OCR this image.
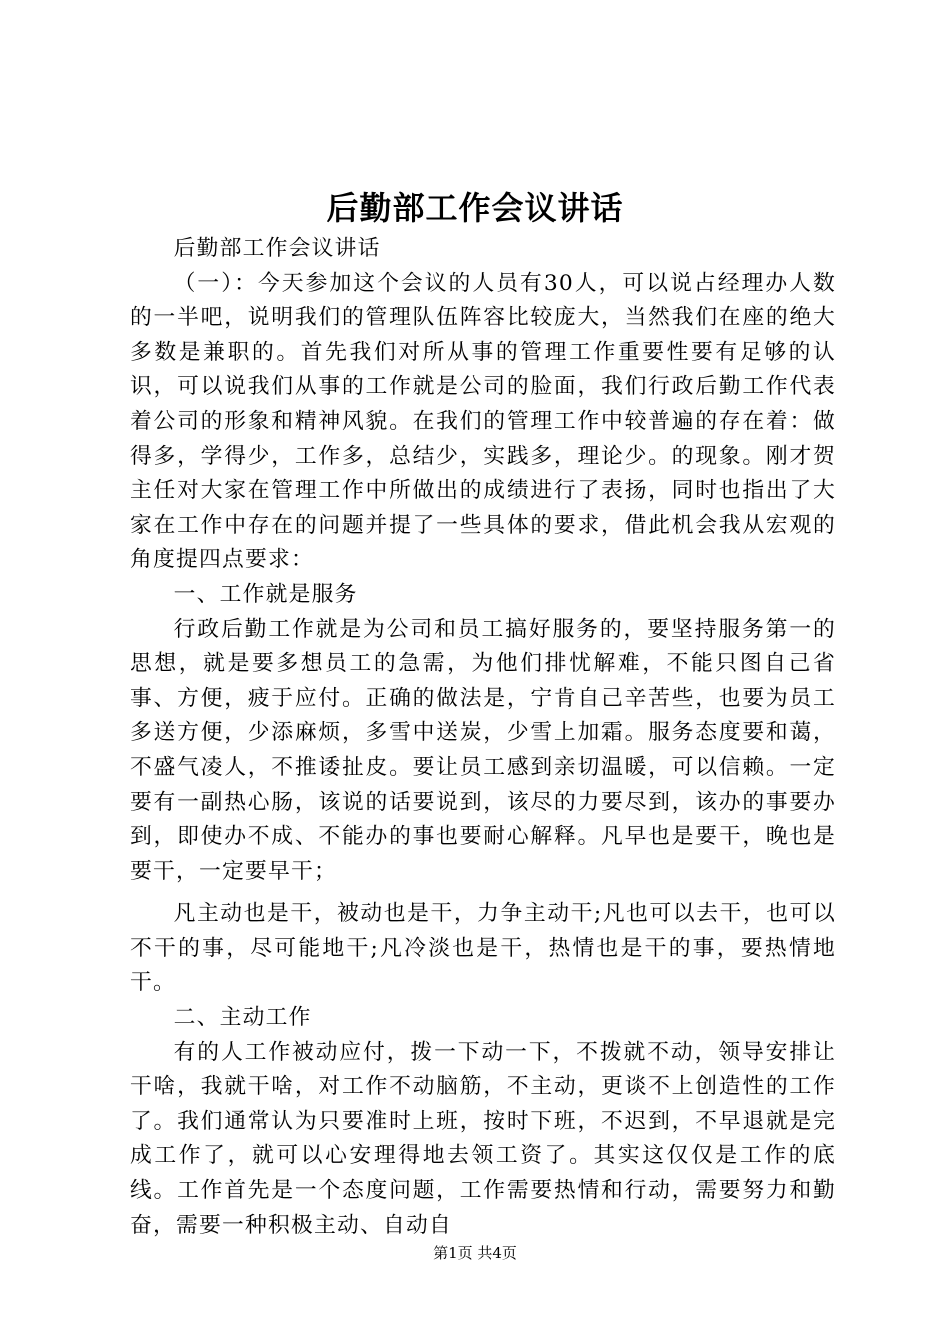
后勤部工作会议讲话

后勤部工作会议讲话

（一）：今天参加这个会议的人员有30人，可以说占经理办人数的一半吧，说明我们的管理队伍阵容比较庞大，当然我们在座的绝大多数是兼职的。首先我们对所从事的管理工作重要性要有足够的认识，可以说我们从事的工作就是公司的脸面，我们行政后勤工作代表着公司的形象和精神风貌。在我们的管理工作中较普遍的存在着：做得多，学得少，工作多，总结少，实践多，理论少。的现象。刚才贺主任对大家在管理工作中所做出的成绩进行了表扬，同时也指出了大家在工作中存在的问题并提了一些具体的要求，借此机会我从宏观的角度提四点要求：

一、工作就是服务

行政后勤工作就是为公司和员工搞好服务的，要坚持服务第一的思想，就是要多想员工的急需，为他们排忧解难，不能只图自己省事、方便，疲于应付。正确的做法是，宁肯自己辛苦些，也要为员工多送方便，少添麻烦，多雪中送炭，少雪上加霜。服务态度要和蔼，不盛气凌人，不推诿扯皮。要让员工感到亲切温暖，可以信赖。一定要有一副热心肠，该说的话要说到，该尽的力要尽到，该办的事要办到，即使办不成、不能办的事也要耐心解释。凡早也是要干，晚也是要干，一定要早干；

凡主动也是干，被动也是干，力争主动干;凡也可以去干，也可以不干的事，尽可能地干;凡冷淡也是干，热情也是干的事，要热情地干。

二、主动工作

有的人工作被动应付，拨一下动一下，不拨就不动，领导安排让干啥，我就干啥，对工作不动脑筋，不主动，更谈不上创造性的工作了。我们通常认为只要准时上班，按时下班，不迟到，不早退就是完成工作了，就可以心安理得地去领工资了。其实这仅仅是工作的底线。工作首先是一个态度问题，工作需要热情和行动，需要努力和勤奋，需要一种积极主动、自动自

第1页 共4页
